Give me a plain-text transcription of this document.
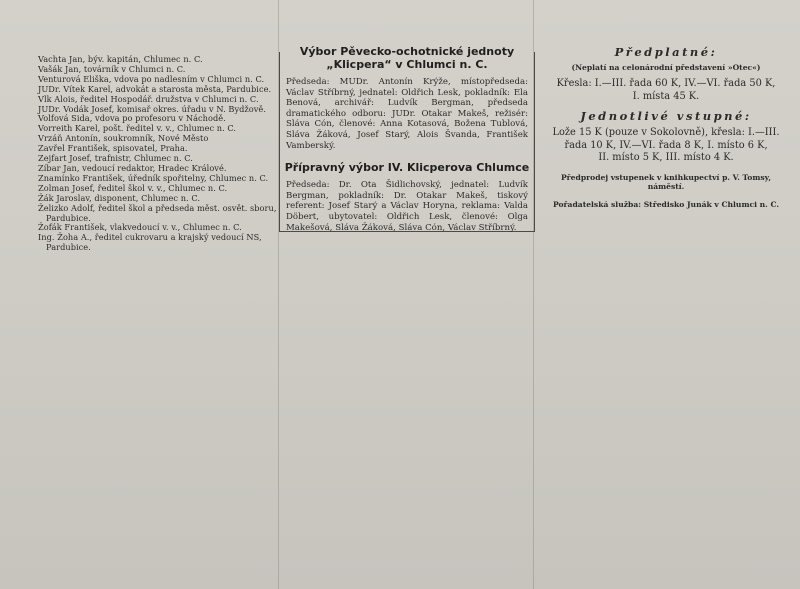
Vachta Jan, býv. kapitán, Chlumec n. C.
Vašák Jan, továrník v Chlumci n. C.
Venturová Eliška, vdova po nadlesním v Chlumci n. C.
JUDr. Vítek Karel, advokát a starosta města, Pardubice.
Vlk Alois, ředitel Hospodář. družstva v Chlumci n. C.
JUDr. Vodák Josef, komisař okres. úřadu v N. Bydžově.
Volfová Sida, vdova po profesoru v Náchodě.
Vorreith Karel, pošt. ředitel v. v., Chlumec n. C.
Vrzáň Antonín, soukromník, Nové Město
Zavřel František, spisovatel, Praha.
Zejfart Josef, trafnistr, Chlumec n. C.
Zíbar Jan, vedoucí redaktor, Hradec Králové.
Znamínko František, úředník spořitelny, Chlumec n. C.
Zolman Josef, ředitel škol v. v., Chlumec n. C.
Žák Jaroslav, disponent, Chlumec n. C.
Želizko Adolf, ředitel škol a předseda měst. osvět. sboru, Pardubice.
Žofák František, vlakvedoucí v. v., Chlumec n. C.
Ing. Žoha A., ředitel cukrovaru a krajský vedoucí NS, Pardubice.
Výbor Pěvecko-ochotnické jednoty
„Klicpera“ v Chlumci n. C.

Předseda: MUDr. Antonín Krýže, místopředseda: Václav Stříbrný, jednatel: Oldřich Lesk, pokladník: Ela Benová, archivář: Ludvík Bergman, předseda dramatického odboru: JUDr. Otakar Makeš, režisér: Sláva Cón, členové: Anna Kotasová, Božena Tublová, Sláva Žáková, Josef Starý, Alois Švanda, František Vamberský.

Přípravný výbor IV. Klicperova Chlumce

Předseda: Dr. Ota Šidlichovský, jednatel: Ludvík Bergman, pokladník: Dr. Otakar Makeš, tiskový referent: Josef Starý a Václav Horyna, reklama: Valda Döbert, ubytovatel: Oldřich Lesk, členové: Olga Makešová, Sláva Žáková, Sláva Cón, Václav Stříbrný.

Předplatné:

(Neplatí na celonárodní představení »Otec«)

Křesla: I.—III. řada 60 K, IV.—VI. řada 50 K,

I. místa 45 K.

Jednotlivé vstupné:

Lože 15 K (pouze v Sokolovně), křesla: I.—III.

řada 10 K, IV.—VI. řada 8 K, I. místo 6 K,

II. místo 5 K, III. místo 4 K.

Předprodej vstupenek v knihkupectví p. V. Tomsy,

náměstí.

Pořadatelská služba: Středisko Junák v Chlumci n. C.
